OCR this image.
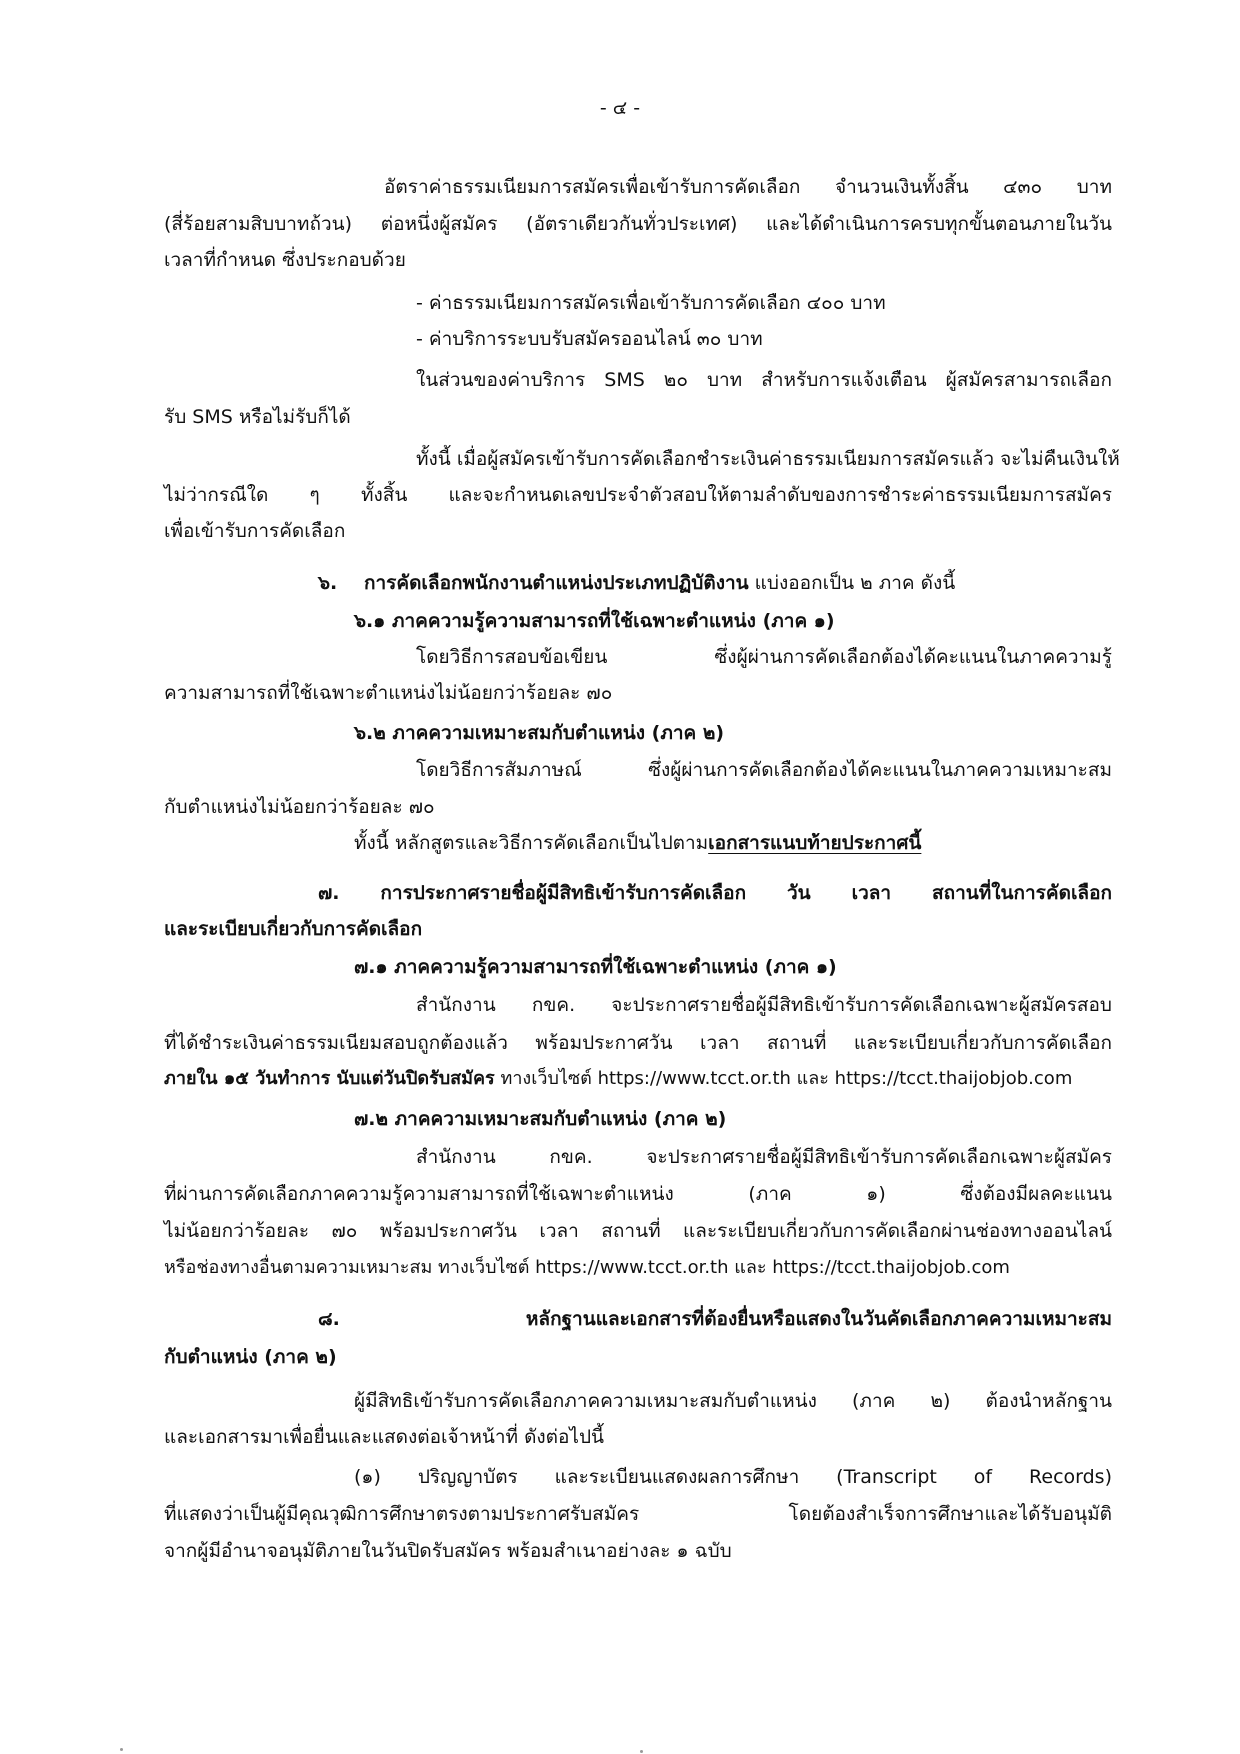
- ๔ -

อัตราค่าธรรมเนียมการสมัครเพื่อเข้ารับการคัดเลือก จำนวนเงินทั้งสิ้น ๔๓๐ บาท

(สี่ร้อยสามสิบบาทถ้วน) ต่อหนึ่งผู้สมัคร (อัตราเดียวกันทั่วประเทศ) และได้ดำเนินการครบทุกขั้นตอนภายในวัน

เวลาที่กำหนด ซึ่งประกอบด้วย

- ค่าธรรมเนียมการสมัครเพื่อเข้ารับการคัดเลือก ๔๐๐ บาท

- ค่าบริการระบบรับสมัครออนไลน์ ๓๐ บาท

ในส่วนของค่าบริการ SMS ๒๐ บาท สำหรับการแจ้งเตือน ผู้สมัครสามารถเลือก

รับ SMS หรือไม่รับก็ได้

ทั้งนี้ เมื่อผู้สมัครเข้ารับการคัดเลือกชำระเงินค่าธรรมเนียมการสมัครแล้ว จะไม่คืนเงินให้

ไม่ว่ากรณีใด ๆ ทั้งสิ้น และจะกำหนดเลขประจำตัวสอบให้ตามลำดับของการชำระค่าธรรมเนียมการสมัคร

เพื่อเข้ารับการคัดเลือก

๖. การคัดเลือกพนักงานตำแหน่งประเภทปฏิบัติงาน แบ่งออกเป็น ๒ ภาค ดังนี้

๖.๑ ภาคความรู้ความสามารถที่ใช้เฉพาะตำแหน่ง (ภาค ๑)

โดยวิธีการสอบข้อเขียน ซึ่งผู้ผ่านการคัดเลือกต้องได้คะแนนในภาคความรู้

ความสามารถที่ใช้เฉพาะตำแหน่งไม่น้อยกว่าร้อยละ ๗๐

๖.๒ ภาคความเหมาะสมกับตำแหน่ง (ภาค ๒)

โดยวิธีการสัมภาษณ์ ซึ่งผู้ผ่านการคัดเลือกต้องได้คะแนนในภาคความเหมาะสม

กับตำแหน่งไม่น้อยกว่าร้อยละ ๗๐

ทั้งนี้ หลักสูตรและวิธีการคัดเลือกเป็นไปตามเอกสารแนบท้ายประกาศนี้

๗. การประกาศรายชื่อผู้มีสิทธิเข้ารับการคัดเลือก วัน เวลา สถานที่ในการคัดเลือก

และระเบียบเกี่ยวกับการคัดเลือก

๗.๑ ภาคความรู้ความสามารถที่ใช้เฉพาะตำแหน่ง (ภาค ๑)

สำนักงาน กขค. จะประกาศรายชื่อผู้มีสิทธิเข้ารับการคัดเลือกเฉพาะผู้สมัครสอบ

ที่ได้ชำระเงินค่าธรรมเนียมสอบถูกต้องแล้ว พร้อมประกาศวัน เวลา สถานที่ และระเบียบเกี่ยวกับการคัดเลือก

ภายใน ๑๕ วันทำการ นับแต่วันปิดรับสมัคร ทางเว็บไซต์ https://www.tcct.or.th และ https://tcct.thaijobjob.com

๗.๒ ภาคความเหมาะสมกับตำแหน่ง (ภาค ๒)

สำนักงาน กขค. จะประกาศรายชื่อผู้มีสิทธิเข้ารับการคัดเลือกเฉพาะผู้สมัคร

ที่ผ่านการคัดเลือกภาคความรู้ความสามารถที่ใช้เฉพาะตำแหน่ง (ภาค ๑) ซึ่งต้องมีผลคะแนน

ไม่น้อยกว่าร้อยละ ๗๐ พร้อมประกาศวัน เวลา สถานที่ และระเบียบเกี่ยวกับการคัดเลือกผ่านช่องทางออนไลน์

หรือช่องทางอื่นตามความเหมาะสม ทางเว็บไซต์ https://www.tcct.or.th และ https://tcct.thaijobjob.com

๘. หลักฐานและเอกสารที่ต้องยื่นหรือแสดงในวันคัดเลือกภาคความเหมาะสม

กับตำแหน่ง (ภาค ๒)

ผู้มีสิทธิเข้ารับการคัดเลือกภาคความเหมาะสมกับตำแหน่ง (ภาค ๒) ต้องนำหลักฐาน

และเอกสารมาเพื่อยื่นและแสดงต่อเจ้าหน้าที่ ดังต่อไปนี้

(๑) ปริญญาบัตร และระเบียนแสดงผลการศึกษา (Transcript of Records)

ที่แสดงว่าเป็นผู้มีคุณวุฒิการศึกษาตรงตามประกาศรับสมัคร โดยต้องสำเร็จการศึกษาและได้รับอนุมัติ

จากผู้มีอำนาจอนุมัติภายในวันปิดรับสมัคร พร้อมสำเนาอย่างละ ๑ ฉบับ
